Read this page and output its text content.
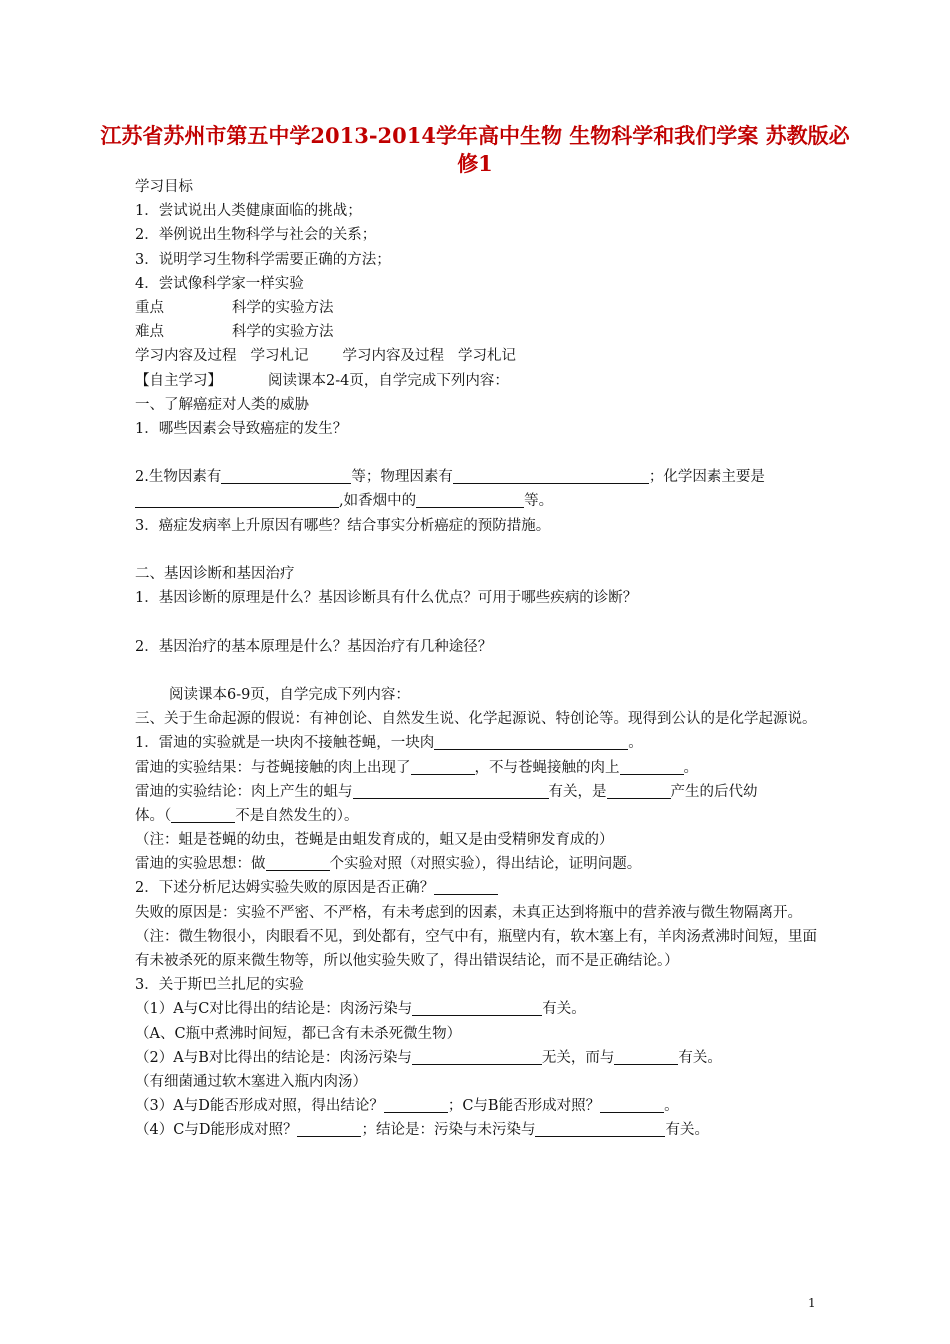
江苏省苏州市第五中学2013-2014学年高中生物 生物科学和我们学案 苏教版必修1
学习目标
1．尝试说出人类健康面临的挑战；
2．举例说出生物科学与社会的关系；
3．说明学习生物科学需要正确的方法；
4．尝试像科学家一样实验
重点	科学的实验方法
难点	科学的实验方法
学习内容及过程 学习札记 学习内容及过程 学习札记
【自主学习】	阅读课本2-4页，自学完成下列内容：
一、了解癌症对人类的威胁
1．哪些因素会导致癌症的发生？
2.生物因素有	等；物理因素有	；化学因素主要是
,如香烟中的	等。
3．癌症发病率上升原因有哪些？结合事实分析癌症的预防措施。
二、基因诊断和基因治疗
1．基因诊断的原理是什么？基因诊断具有什么优点？可用于哪些疾病的诊断？
2．基因治疗的基本原理是什么？基因治疗有几种途径？
阅读课本6-9页，自学完成下列内容：
三、关于生命起源的假说：有神创论、自然发生说、化学起源说、特创论等。现得到公认的是化学起源说。
1．雷迪的实验就是一块肉不接触苍蝇，一块肉	。
雷迪的实验结果：与苍蝇接触的肉上出现了	，不与苍蝇接触的肉上	。
雷迪的实验结论：肉上产生的蛆与	有关，是	产生的后代幼
体。（	不是自然发生的）。
（注：蛆是苍蝇的幼虫，苍蝇是由蛆发育成的，蛆又是由受精卵发育成的）
雷迪的实验思想：做	个实验对照（对照实验），得出结论，证明问题。
2．下述分析尼达姆实验失败的原因是否正确？
失败的原因是：实验不严密、不严格，有未考虑到的因素，未真正达到将瓶中的营养液与微生物隔离开。
（注：微生物很小，肉眼看不见，到处都有，空气中有，瓶壁内有，软木塞上有，羊肉汤煮沸时间短，里面有未被杀死的原来微生物等，所以他实验失败了，得出错误结论，而不是正确结论。）
3．关于斯巴兰扎尼的实验
（1）A与C对比得出的结论是：肉汤污染与	有关。
（A、C瓶中煮沸时间短，都已含有未杀死微生物）
（2）A与B对比得出的结论是：肉汤污染与	无关，而与	有关。
（有细菌通过软木塞进入瓶内肉汤）
（3）A与D能否形成对照，得出结论？	；C与B能否形成对照？	。
（4）C与D能形成对照？	；结论是：污染与未污染与	有关。
1
